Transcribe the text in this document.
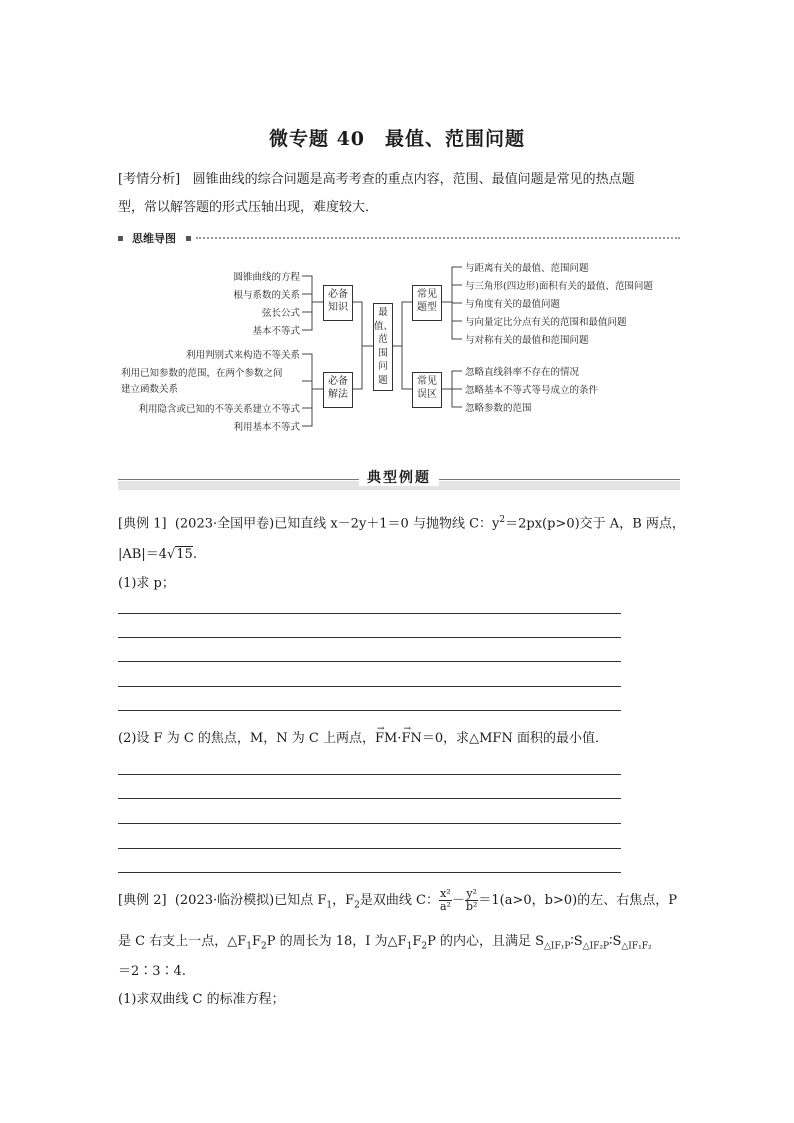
微专题 40　最值、范围问题
[考情分析] 圆锥曲线的综合问题是高考考查的重点内容，范围、最值问题是常见的热点题
型，常以解答题的形式压轴出现，难度较大．
思维导图
圆锥曲线的方程
根与系数的关系
弦长公式
基本不等式
利用判别式来构造不等关系
利用已知参数的范围，在两个参数之间
建立函数关系
利用隐含或已知的不等关系建立不等式
利用基本不等式
与距离有关的最值、范围问题
与三角形(四边形)面积有关的最值、范围问题
与角度有关的最值问题
与向量定比分点有关的范围和最值问题
与对称有关的最值和范围问题
忽略直线斜率不存在的情况
忽略基本不等式等号成立的条件
忽略参数的范围
必备
知识
必备
解法
最
值、
范
围
问
题
常见
题型
常见
误区
典型例题
[典例 1] (2023·全国甲卷)已知直线 x－2y＋1＝0 与抛物线 C：$y^2=2px(p>0)$交于 A，B 两点，
|AB|＝4√15.
(1)求 p；
(2)设 F 为 C 的焦点，M，N 为 C 上两点，→ FM·→ FN＝0，求△MFN 面积的最小值．
[典例 2] (2023·临汾模拟)已知点 $F_1$，$F_2$是双曲线 C： $\frac{\text{x²}}{\text{a²}} - \frac{\text{y²}}{\text{b²}} =1(a>0$，b>0)的左、右焦点，P
是 C 右支上一点，$\triangle F_1F_2P$ 的周长为 18，I 为$\triangle F_1F_2P$ 的内心，且满足 $S_{\triangle IF_1P}∶S_{\triangle IF_2P}∶S_{\triangle IF_1F_2}$
＝2∶3∶4.
(1)求双曲线 C 的标准方程；
